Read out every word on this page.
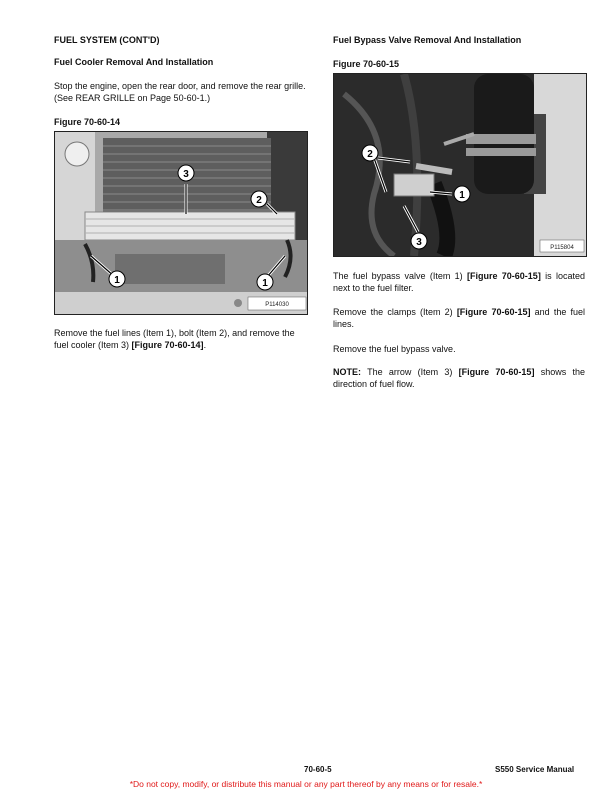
FUEL SYSTEM (CONT'D)

Fuel Cooler Removal And Installation

Stop the engine, open the rear door, and remove the rear grille. (See REAR GRILLE on Page 50-60-1.)

Figure 70-60-14

3
2
1	1
P114030

Remove the fuel lines (Item 1), bolt (Item 2), and remove the fuel cooler (Item 3) [Figure 70-60-14].

Fuel Bypass Valve Removal And Installation

Figure 70-60-15

2
1
3	P115804

The fuel bypass valve (Item 1) [Figure 70-60-15] is located next to the fuel filter.

Remove the clamps (Item 2) [Figure 70-60-15] and the fuel lines.

Remove the fuel bypass valve.

NOTE: The arrow (Item 3) [Figure 70-60-15] shows the direction of fuel flow.

70-60-5	S550 Service Manual

*Do not copy, modify, or distribute this manual or any part thereof by any means or for resale.*
